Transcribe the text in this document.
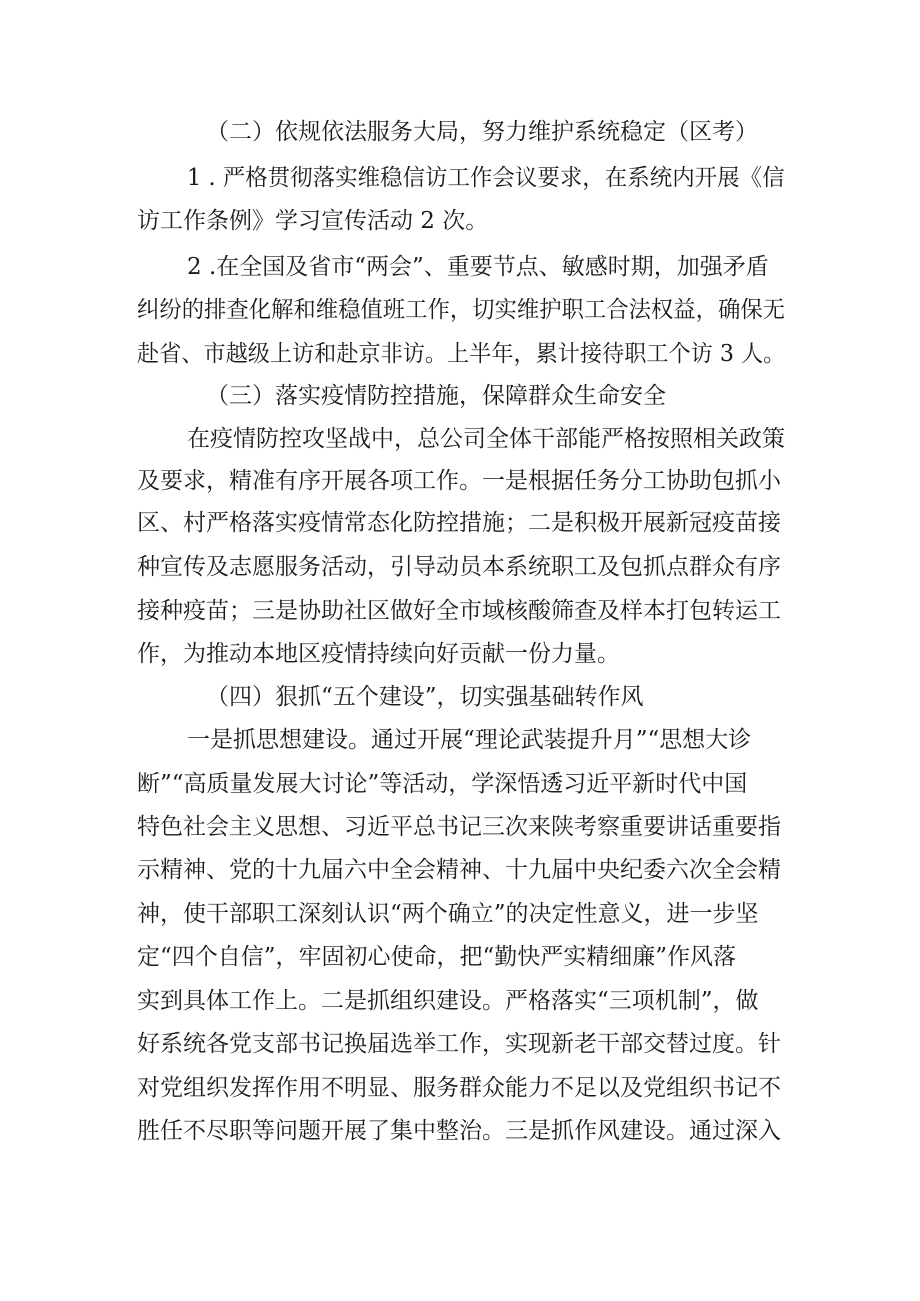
（二）依规依法服务大局，努力维护系统稳定（区考）
1 . 严格贯彻落实维稳信访工作会议要求，在系统内开展《信
访工作条例》学习宣传活动 2 次。
2 .在全国及省市“两会”、重要节点、敏感时期，加强矛盾
纠纷的排查化解和维稳值班工作，切实维护职工合法权益，确保无
赴省、市越级上访和赴京非访。上半年，累计接待职工个访 3 人。
（三）落实疫情防控措施，保障群众生命安全
在疫情防控攻坚战中，总公司全体干部能严格按照相关政策
及要求，精准有序开展各项工作。一是根据任务分工协助包抓小
区、村严格落实疫情常态化防控措施；二是积极开展新冠疫苗接
种宣传及志愿服务活动，引导动员本系统职工及包抓点群众有序
接种疫苗；三是协助社区做好全市域核酸筛查及样本打包转运工
作，为推动本地区疫情持续向好贡献一份力量。
（四）狠抓“五个建设”，切实强基础转作风
一是抓思想建设。通过开展“理论武装提升月”“思想大诊
断”“高质量发展大讨论”等活动，学深悟透习近平新时代中国
特色社会主义思想、习近平总书记三次来陕考察重要讲话重要指
示精神、党的十九届六中全会精神、十九届中央纪委六次全会精
神，使干部职工深刻认识“两个确立”的决定性意义，进一步坚
定“四个自信”，牢固初心使命，把“勤快严实精细廉”作风落
实到具体工作上。二是抓组织建设。严格落实“三项机制”，做
好系统各党支部书记换届选举工作，实现新老干部交替过度。针
对党组织发挥作用不明显、服务群众能力不足以及党组织书记不
胜任不尽职等问题开展了集中整治。三是抓作风建设。通过深入
